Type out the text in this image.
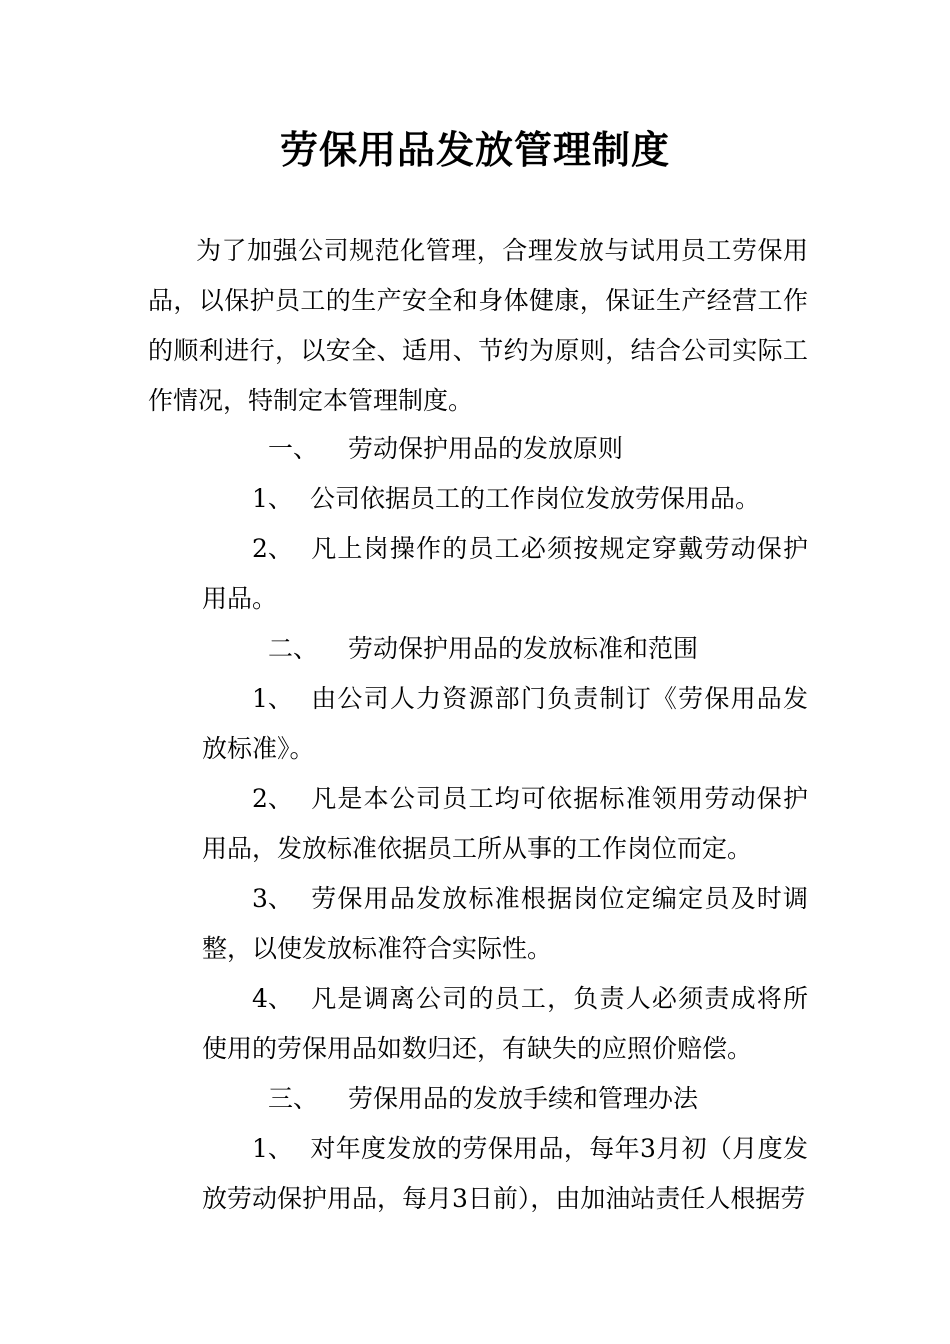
劳保用品发放管理制度

为了加强公司规范化管理，合理发放与试用员工劳保用品，以保护员工的生产安全和身体健康，保证生产经营工作的顺利进行，以安全、适用、节约为原则，结合公司实际工作情况，特制定本管理制度。

一、 劳动保护用品的发放原则

1、 公司依据员工的工作岗位发放劳保用品。

2、 凡上岗操作的员工必须按规定穿戴劳动保护用品。

二、 劳动保护用品的发放标准和范围

1、 由公司人力资源部门负责制订《劳保用品发放标准》。

2、 凡是本公司员工均可依据标准领用劳动保护用品，发放标准依据员工所从事的工作岗位而定。

3、 劳保用品发放标准根据岗位定编定员及时调整，以使发放标准符合实际性。

4、 凡是调离公司的员工，负责人必须责成将所使用的劳保用品如数归还，有缺失的应照价赔偿。

三、 劳保用品的发放手续和管理办法

1、 对年度发放的劳保用品，每年3月初（月度发放劳动保护用品，每月3日前），由加油站责任人根据劳
